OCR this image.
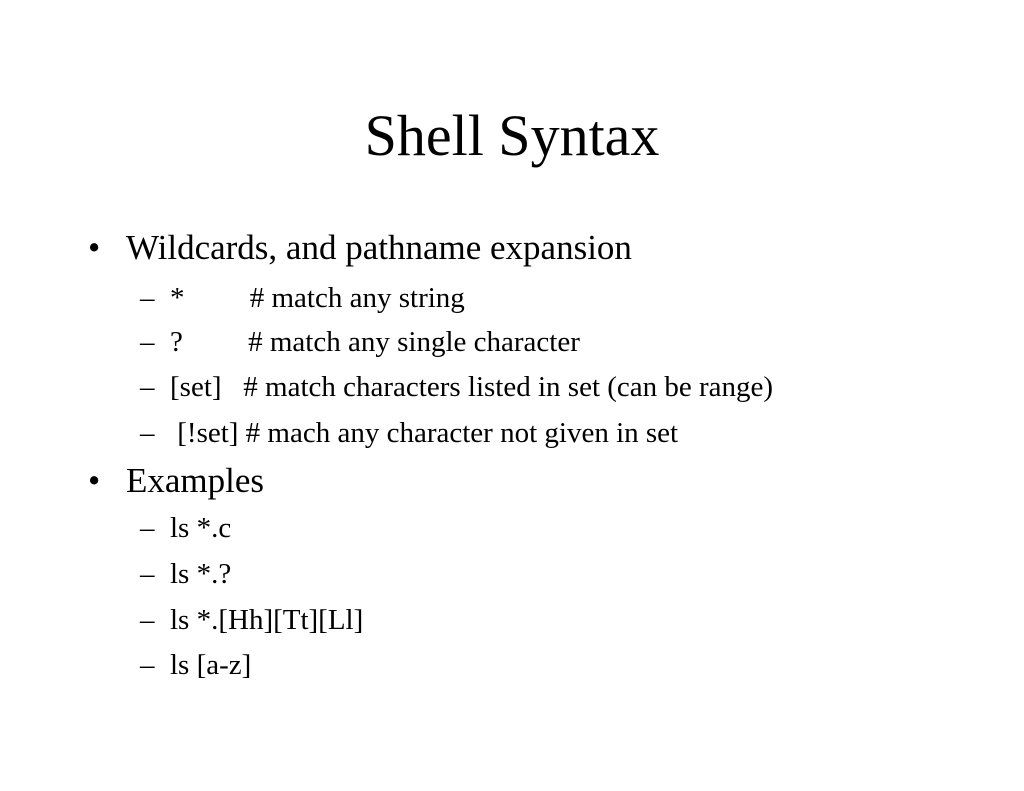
Shell Syntax
• Wildcards, and pathname expansion

–

*         # match any string

–

?         # match any single character

–

[set]   # match characters listed in set (can be range)

–

[!set] # mach any character not given in set

• Examples

–

ls *.c

–

ls *.?

–

ls *.[Hh][Tt][Ll]

–

ls [a-z]
